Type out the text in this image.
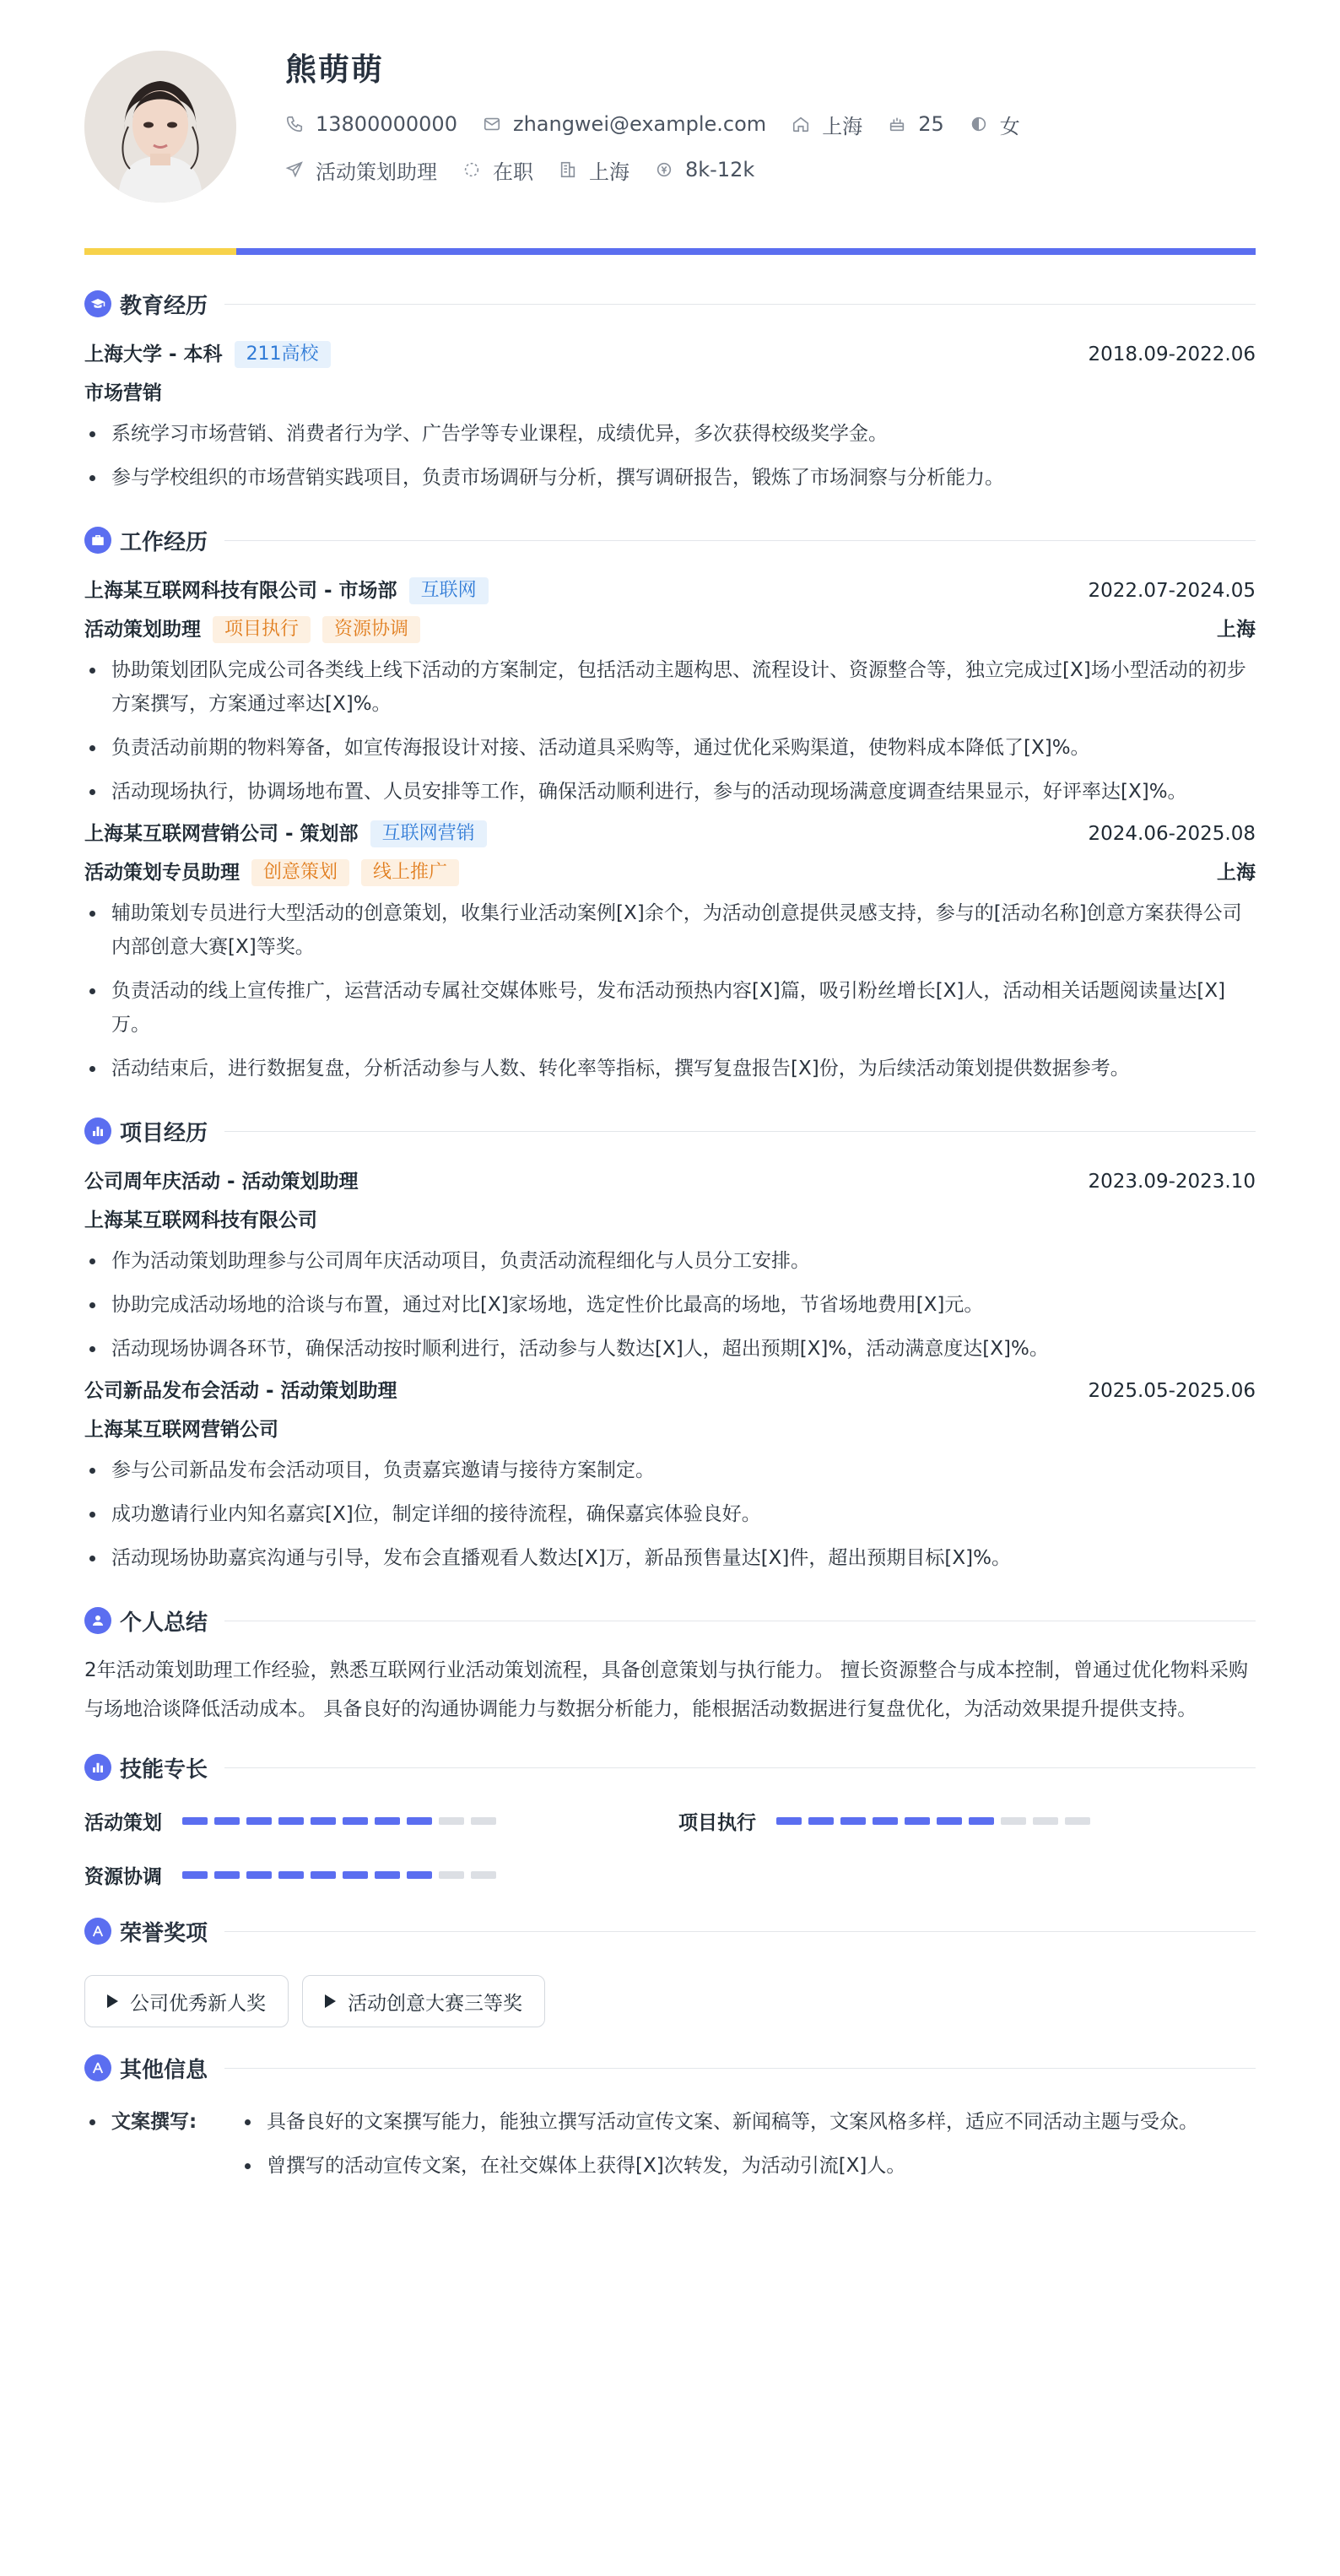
熊萌萌
13800000000	zhangwei@example.com	上海	25	女
活动策划助理	在职	上海	8k-12k
教育经历
上海大学 - 本科	211高校	2018.09-2022.06
市场营销
系统学习市场营销、消费者行为学、广告学等专业课程，成绩优异，多次获得校级奖学金。
参与学校组织的市场营销实践项目，负责市场调研与分析，撰写调研报告，锻炼了市场洞察与分析能力。
工作经历
上海某互联网科技有限公司 - 市场部	互联网	2022.07-2024.05
活动策划助理	项目执行	资源协调	上海
协助策划团队完成公司各类线上线下活动的方案制定，包括活动主题构思、流程设计、资源整合等，独立完成过[X]场小型活动的初步方案撰写，方案通过率达[X]%。
负责活动前期的物料筹备，如宣传海报设计对接、活动道具采购等，通过优化采购渠道，使物料成本降低了[X]%。
活动现场执行，协调场地布置、人员安排等工作，确保活动顺利进行，参与的活动现场满意度调查结果显示，好评率达[X]%。
上海某互联网营销公司 - 策划部	互联网营销	2024.06-2025.08
活动策划专员助理	创意策划	线上推广	上海
辅助策划专员进行大型活动的创意策划，收集行业活动案例[X]余个，为活动创意提供灵感支持，参与的[活动名称]创意方案获得公司内部创意大赛[X]等奖。
负责活动的线上宣传推广，运营活动专属社交媒体账号，发布活动预热内容[X]篇，吸引粉丝增长[X]人，活动相关话题阅读量达[X]万。
活动结束后，进行数据复盘，分析活动参与人数、转化率等指标，撰写复盘报告[X]份，为后续活动策划提供数据参考。
项目经历
公司周年庆活动 - 活动策划助理	2023.09-2023.10
上海某互联网科技有限公司
作为活动策划助理参与公司周年庆活动项目，负责活动流程细化与人员分工安排。
协助完成活动场地的洽谈与布置，通过对比[X]家场地，选定性价比最高的场地，节省场地费用[X]元。
活动现场协调各环节，确保活动按时顺利进行，活动参与人数达[X]人，超出预期[X]%，活动满意度达[X]%。
公司新品发布会活动 - 活动策划助理	2025.05-2025.06
上海某互联网营销公司
参与公司新品发布会活动项目，负责嘉宾邀请与接待方案制定。
成功邀请行业内知名嘉宾[X]位，制定详细的接待流程，确保嘉宾体验良好。
活动现场协助嘉宾沟通与引导，发布会直播观看人数达[X]万，新品预售量达[X]件，超出预期目标[X]%。
个人总结
2年活动策划助理工作经验，熟悉互联网行业活动策划流程，具备创意策划与执行能力。 擅长资源整合与成本控制，曾通过优化物料采购与场地洽谈降低活动成本。 具备良好的沟通协调能力与数据分析能力，能根据活动数据进行复盘优化，为活动效果提升提供支持。
技能专长
活动策划	项目执行
资源协调
荣誉奖项
公司优秀新人奖	活动创意大赛三等奖
其他信息
文案撰写:	具备良好的文案撰写能力，能独立撰写活动宣传文案、新闻稿等，文案风格多样，适应不同活动主题与受众。
曾撰写的活动宣传文案，在社交媒体上获得[X]次转发，为活动引流[X]人。
